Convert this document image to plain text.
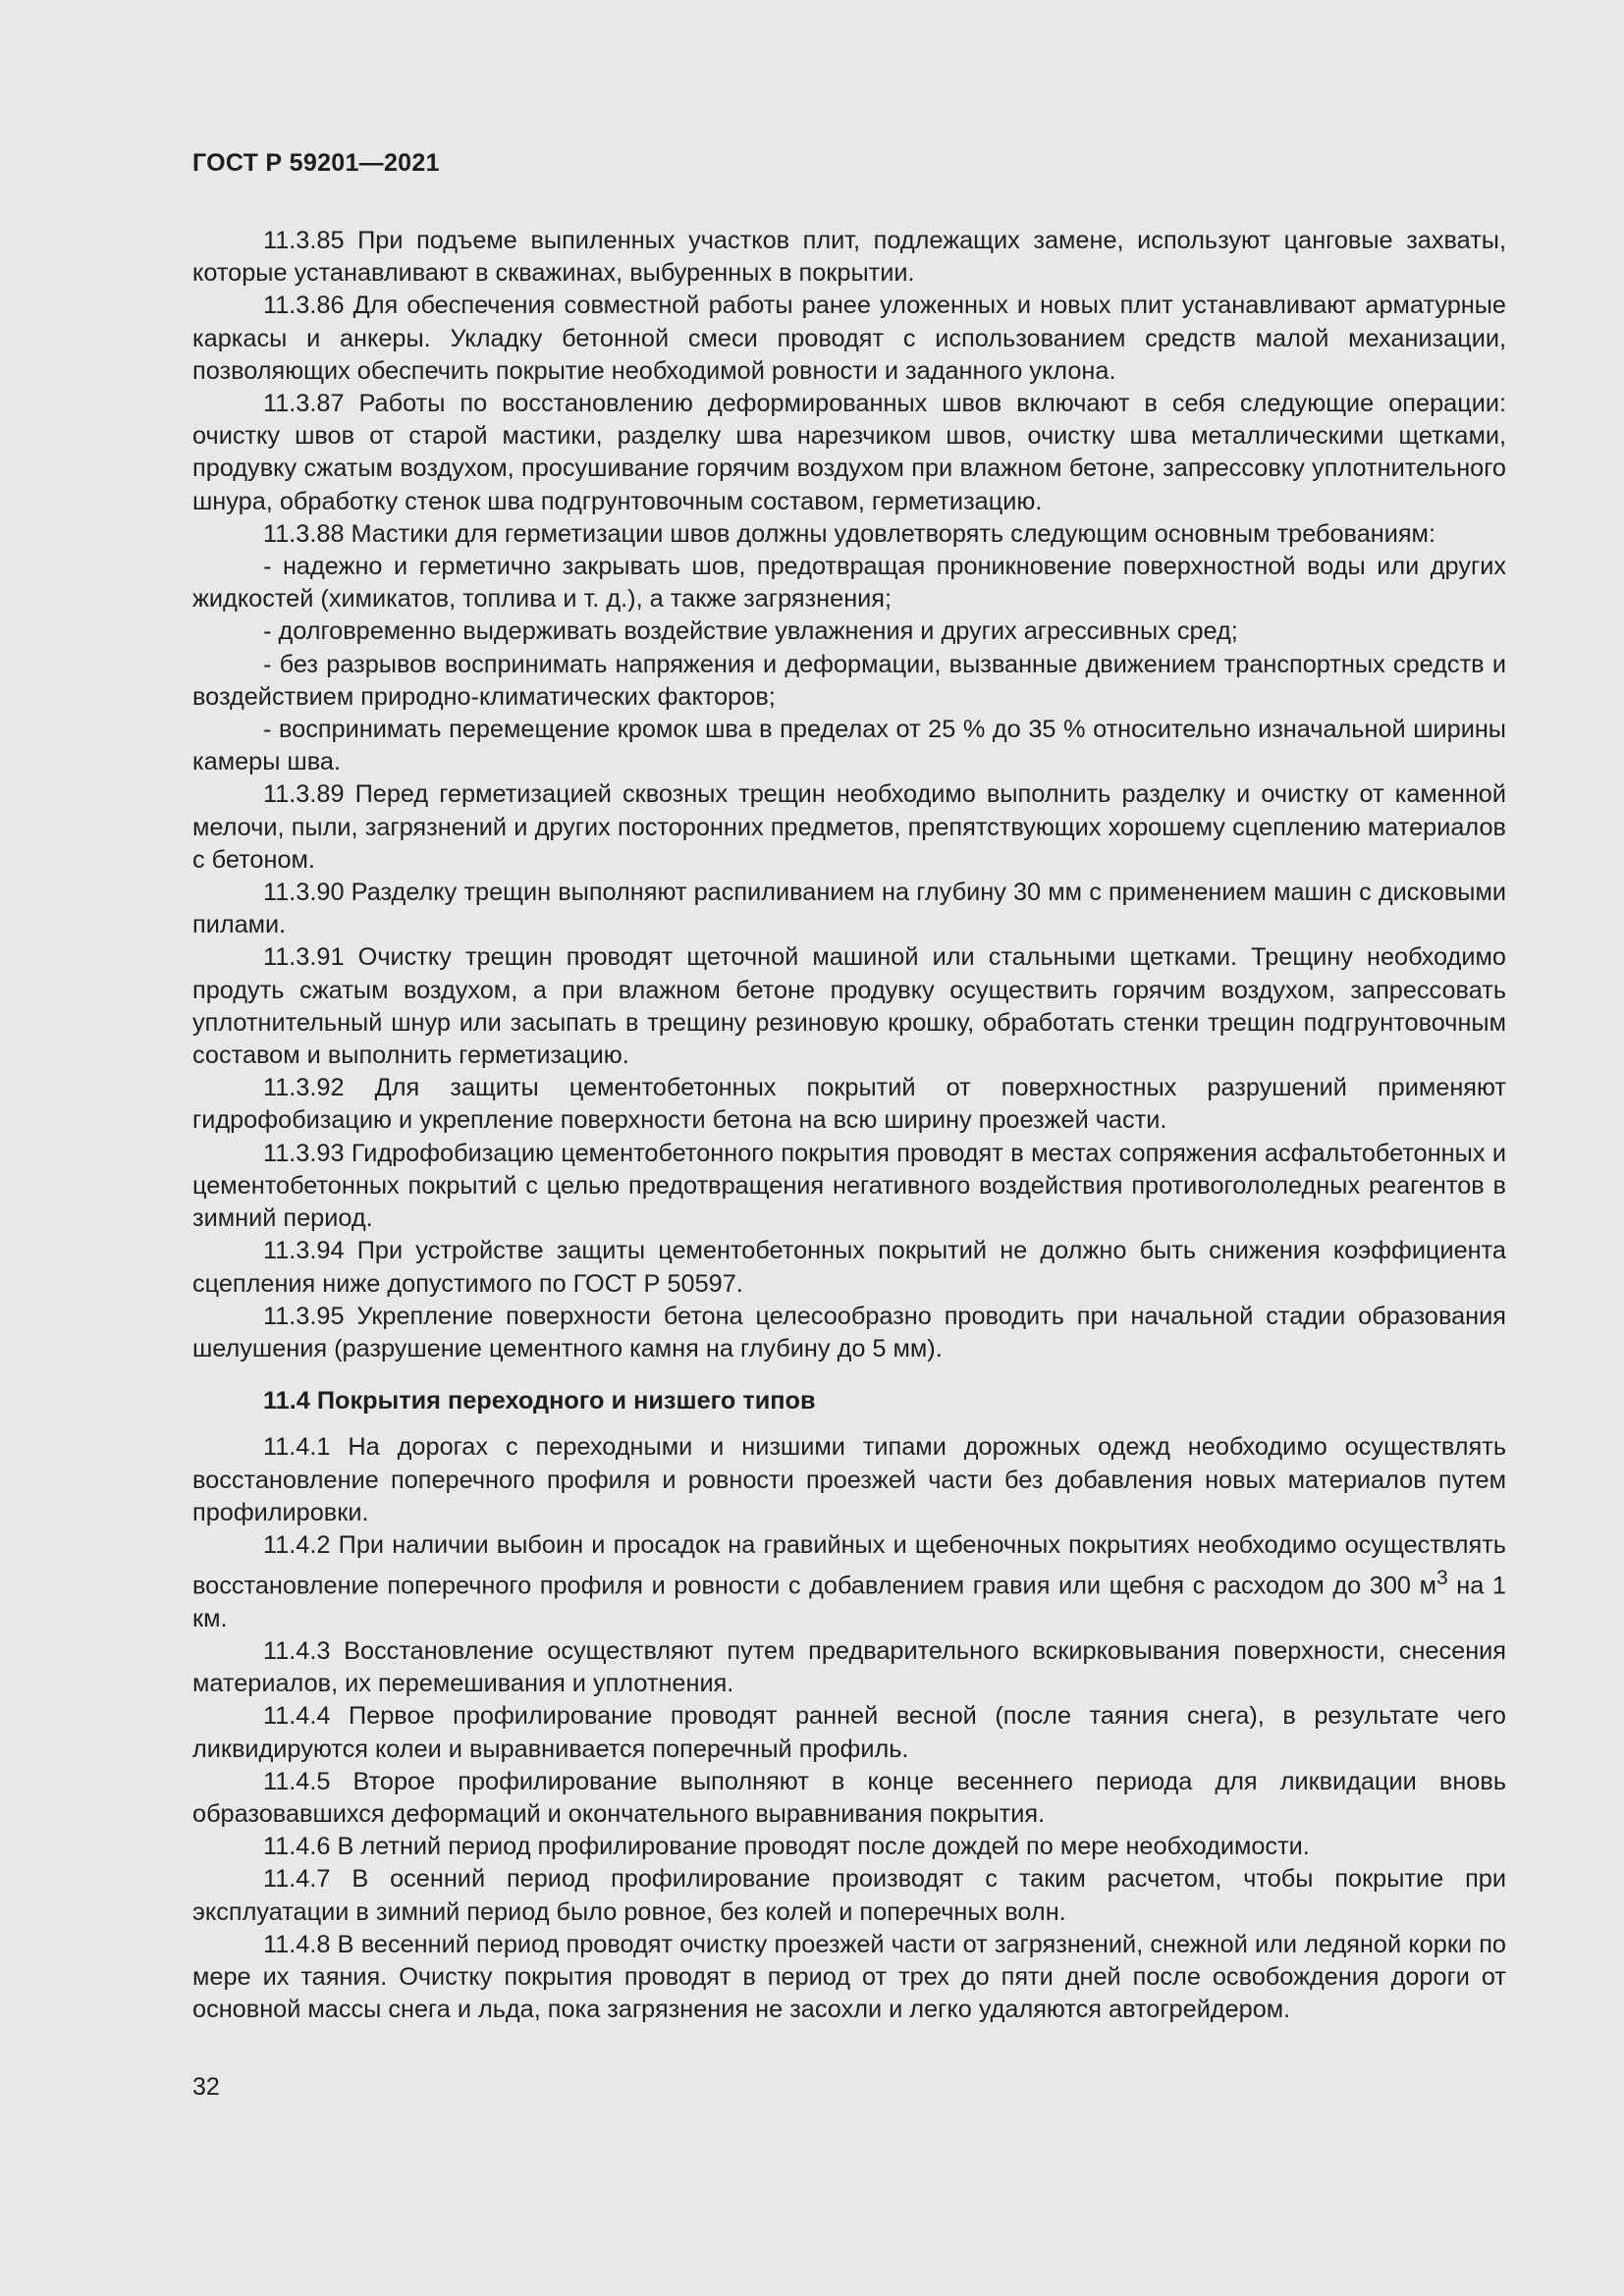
ГОСТ Р 59201—2021

11.3.85 При подъеме выпиленных участков плит, подлежащих замене, используют цанговые захваты, которые устанавливают в скважинах, выбуренных в покрытии.

11.3.86 Для обеспечения совместной работы ранее уложенных и новых плит устанавливают арматурные каркасы и анкеры. Укладку бетонной смеси проводят с использованием средств малой механизации, позволяющих обеспечить покрытие необходимой ровности и заданного уклона.

11.3.87 Работы по восстановлению деформированных швов включают в себя следующие операции: очистку швов от старой мастики, разделку шва нарезчиком швов, очистку шва металлическими щетками, продувку сжатым воздухом, просушивание горячим воздухом при влажном бетоне, запрессовку уплотнительного шнура, обработку стенок шва подгрунтовочным составом, герметизацию.

11.3.88 Мастики для герметизации швов должны удовлетворять следующим основным требованиям:

- надежно и герметично закрывать шов, предотвращая проникновение поверхностной воды или других жидкостей (химикатов, топлива и т. д.), а также загрязнения;

- долговременно выдерживать воздействие увлажнения и других агрессивных сред;

- без разрывов воспринимать напряжения и деформации, вызванные движением транспортных средств и воздействием природно-климатических факторов;

- воспринимать перемещение кромок шва в пределах от 25 % до 35 % относительно изначальной ширины камеры шва.

11.3.89 Перед герметизацией сквозных трещин необходимо выполнить разделку и очистку от каменной мелочи, пыли, загрязнений и других посторонних предметов, препятствующих хорошему сцеплению материалов с бетоном.

11.3.90 Разделку трещин выполняют распиливанием на глубину 30 мм с применением машин с дисковыми пилами.

11.3.91 Очистку трещин проводят щеточной машиной или стальными щетками. Трещину необходимо продуть сжатым воздухом, а при влажном бетоне продувку осуществить горячим воздухом, запрессовать уплотнительный шнур или засыпать в трещину резиновую крошку, обработать стенки трещин подгрунтовочным составом и выполнить герметизацию.

11.3.92 Для защиты цементобетонных покрытий от поверхностных разрушений применяют гидрофобизацию и укрепление поверхности бетона на всю ширину проезжей части.

11.3.93 Гидрофобизацию цементобетонного покрытия проводят в местах сопряжения асфальтобетонных и цементобетонных покрытий с целью предотвращения негативного воздействия противогололедных реагентов в зимний период.

11.3.94 При устройстве защиты цементобетонных покрытий не должно быть снижения коэффициента сцепления ниже допустимого по ГОСТ Р 50597.

11.3.95 Укрепление поверхности бетона целесообразно проводить при начальной стадии образования шелушения (разрушение цементного камня на глубину до 5 мм).

11.4 Покрытия переходного и низшего типов

11.4.1 На дорогах с переходными и низшими типами дорожных одежд необходимо осуществлять восстановление поперечного профиля и ровности проезжей части без добавления новых материалов путем профилировки.

11.4.2 При наличии выбоин и просадок на гравийных и щебеночных покрытиях необходимо осуществлять восстановление поперечного профиля и ровности с добавлением гравия или щебня с расходом до 300 $м^3$ на 1 км.

11.4.3 Восстановление осуществляют путем предварительного вскирковывания поверхности, снесения материалов, их перемешивания и уплотнения.

11.4.4 Первое профилирование проводят ранней весной (после таяния снега), в результате чего ликвидируются колеи и выравнивается поперечный профиль.

11.4.5 Второе профилирование выполняют в конце весеннего периода для ликвидации вновь образовавшихся деформаций и окончательного выравнивания покрытия.

11.4.6 В летний период профилирование проводят после дождей по мере необходимости.

11.4.7 В осенний период профилирование производят с таким расчетом, чтобы покрытие при эксплуатации в зимний период было ровное, без колей и поперечных волн.

11.4.8 В весенний период проводят очистку проезжей части от загрязнений, снежной или ледяной корки по мере их таяния. Очистку покрытия проводят в период от трех до пяти дней после освобождения дороги от основной массы снега и льда, пока загрязнения не засохли и легко удаляются автогрейдером.

32
